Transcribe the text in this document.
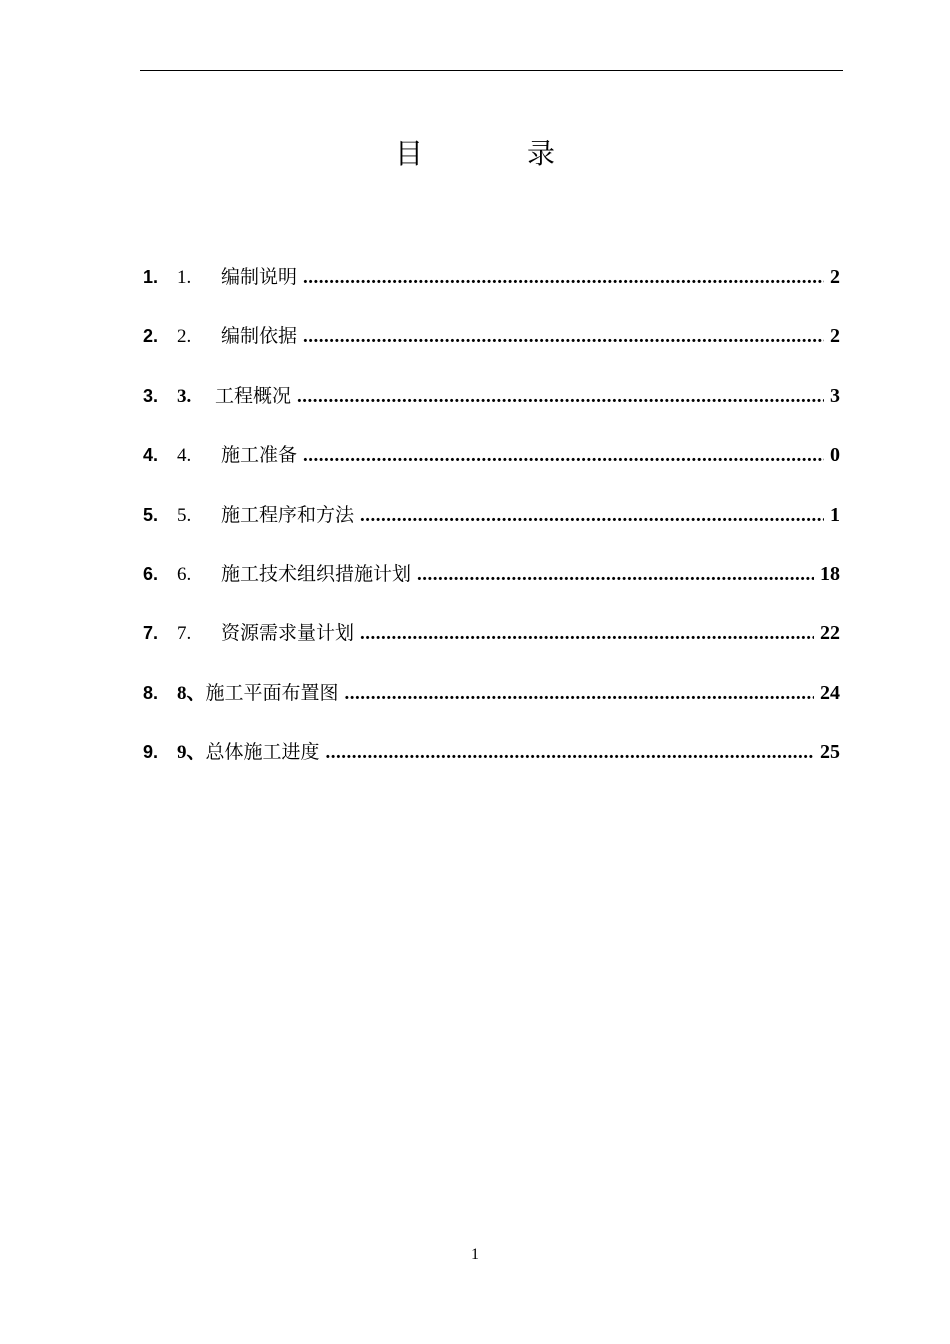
目	录
1. 1.	编制说明 .....	2
2. 2.	编制依据 .....	2
3. 3.	工程概况 .....	3
4. 4.	施工准备 .....	0
5. 5.	施工程序和方法 .....	1
6. 6.	施工技术组织措施计划 .....	18
7. 7.	资源需求量计划 .....	22
8. 8、 施工平面布置图 .....	24
9. 9、 总体施工进度 .....	25
1
